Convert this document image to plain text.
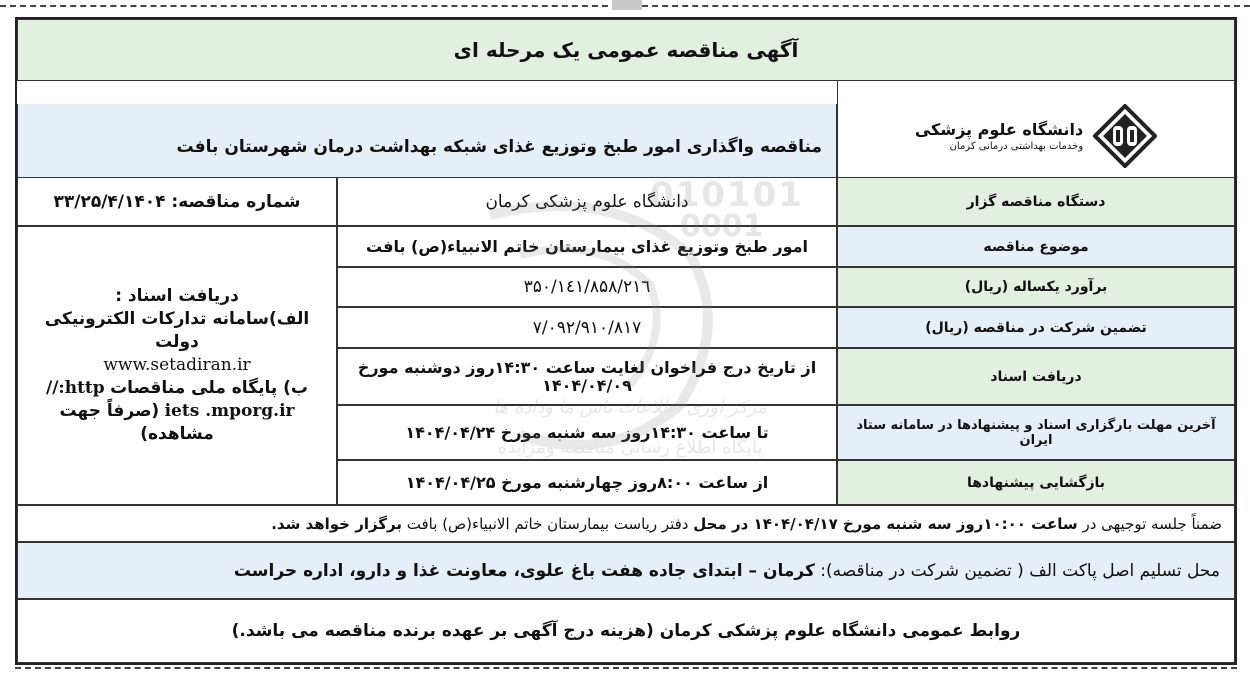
آگهی مناقصه عمومی یک مرحله ای
دانشگاه علوم پزشکی
وخدمات بهداشتی درمانی کرمان
مناقصه واگذاری امور طبخ وتوزیع غذای شبکه بهداشت درمان شهرستان بافت
دستگاه مناقصه گزار
دانشگاه علوم پزشکی کرمان
شماره مناقصه: ۳۳/۲۵/۴/۱۴۰۴
موضوع مناقصه
امور طبخ وتوزیع غذای بیمارستان خاتم الانبیاء(ص) بافت
برآورد یکساله (ریال)
۱٤۱/۸۵۸/۲۱٦/۳۵۰
تضمین شرکت در مناقصه (ریال)
۷/۰۹۲/۹۱۰/۸۱۷
دریافت اسناد
از تاریخ درج فراخوان لغایت ساعت ۱۴:۳۰روز دوشنبه مورخ ۱۴۰۴/۰۴/۰۹
آخرین مهلت بارگزاری اسناد و پیشنهادها در سامانه ستاد ایران
تا ساعت ۱۴:۳۰روز سه شنبه مورخ ۱۴۰۴/۰۴/۲۴
بازگشایی پیشنهادها
از ساعت ۸:۰۰روز چهارشنبه مورخ ۱۴۰۴/۰۴/۲۵
دریافت اسناد :
الف)سامانه تدارکات الکترونیکی
دولت
www.setadiran.ir
ب) پایگاه ملی مناقصات http://
iets .mporg.ir (صرفاً جهت
مشاهده)
ضمناً جلسه توجیهی در

ساعت ۱۰:۰۰روز سه شنبه مورخ ۱۴۰۴/۰۴/۱۷ در محل

دفتر ریاست بیمارستان خاتم الانبیاء(ص) بافت

برگزار خواهد شد.
محل تسلیم اصل پاکت الف ( تضمین شرکت در مناقصه):

کرمان – ابتدای جاده هفت باغ علوی، معاونت غذا و دارو، اداره حراست
روابط عمومی دانشگاه علوم پزشکی کرمان (هزینه درج آگهی بر عهده برنده مناقصه می باشد.)
